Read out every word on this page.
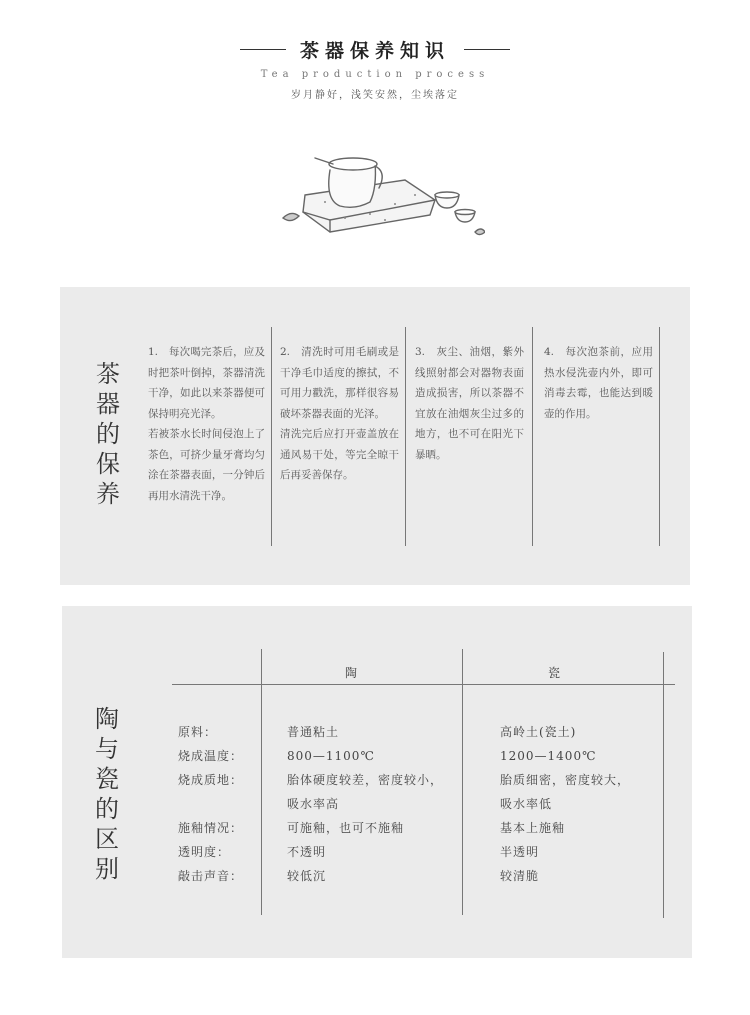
茶器保养知识
Tea production process
岁月静好，浅笑安然，尘埃落定
茶
器
的
保
养
1.　每次喝完茶后，应及时把茶叶倒掉，茶器清洗干净，如此以来茶器便可保持明亮光泽。
若被茶水长时间侵泡上了茶色，可挤少量牙膏均匀涂在茶器表面，一分钟后再用水清洗干净。
2.　清洗时可用毛刷或是干净毛巾适度的擦拭，不可用力戳洗，那样很容易破坏茶器表面的光泽。
清洗完后应打开壶盖放在通风易干处，等完全晾干后再妥善保存。
3.　灰尘、油烟，紫外线照射都会对器物表面造成损害，所以茶器不宜放在油烟灰尘过多的地方，也不可在阳光下暴晒。
4.　每次泡茶前，应用热水侵洗壶内外，即可消毒去霉，也能达到暖壶的作用。
陶
与
瓷
的
区
别
陶	瓷
原料：	普通粘土	高岭土(瓷土)
烧成温度：	800—1100℃	1200—1400℃
烧成质地：	胎体硬度较差，密度较小，	胎质细密，密度较大，
吸水率高	吸水率低
施釉情况：	可施釉，也可不施釉	基本上施釉
透明度：	不透明	半透明
敲击声音：	较低沉	较清脆
